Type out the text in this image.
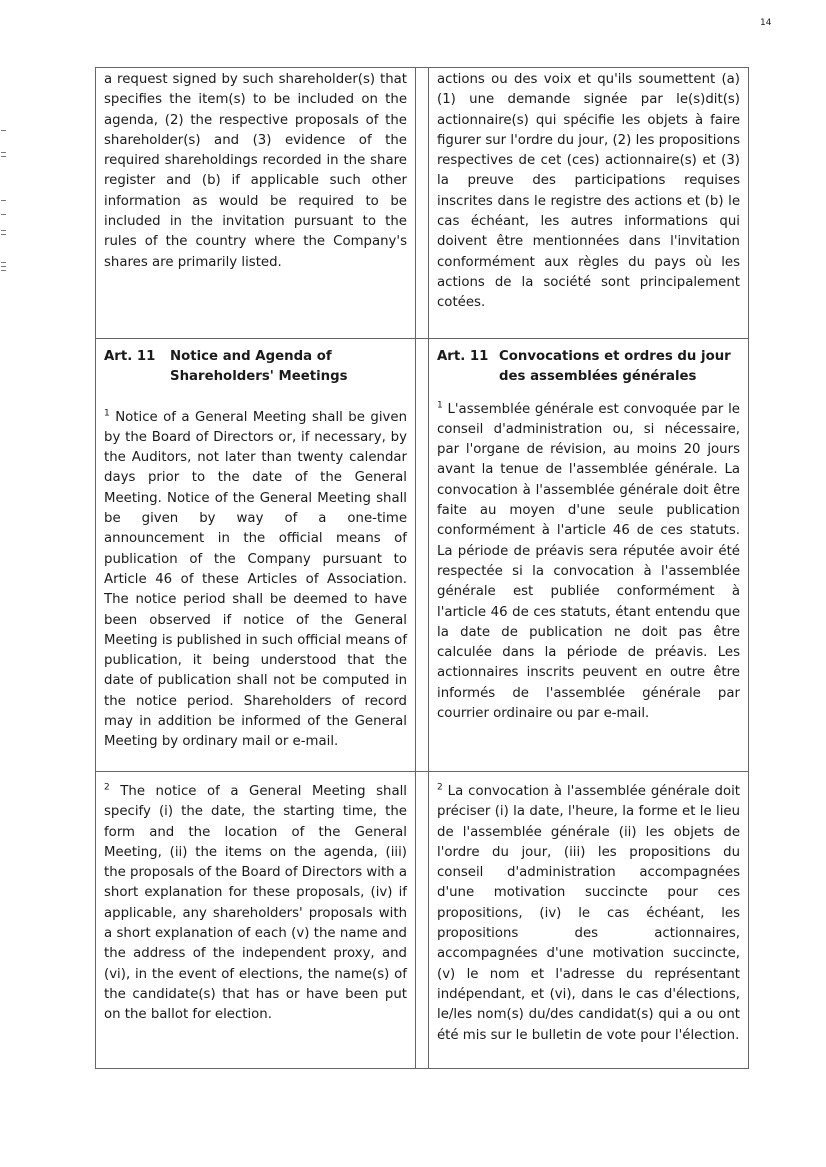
14
a request signed by such shareholder(s) that specifies the item(s) to be included on the agenda, (2) the respective proposals of the shareholder(s) and (3) evidence of the required shareholdings recorded in the share register and (b) if applicable such other information as would be required to be included in the invitation pursuant to the rules of the country where the Company's shares are primarily listed.
actions ou des voix et qu'ils soumettent (a) (1) une demande signée par le(s)dit(s) actionnaire(s) qui spécifie les objets à faire figurer sur l'ordre du jour, (2) les propositions respectives de cet (ces) actionnaire(s) et (3) la preuve des participations requises inscrites dans le registre des actions et (b) le cas échéant, les autres informations qui doivent être mentionnées dans l'invitation conformément aux règles du pays où les actions de la société sont principalement cotées.
Art. 11	Notice and Agenda of Shareholders' Meetings
$^1$ Notice of a General Meeting shall be given by the Board of Directors or, if necessary, by the Auditors, not later than twenty calendar days prior to the date of the General Meeting. Notice of the General Meeting shall be given by way of a one-time announcement in the official means of publication of the Company pursuant to Article 46 of these Articles of Association. The notice period shall be deemed to have been observed if notice of the General Meeting is published in such official means of publication, it being understood that the date of publication shall not be computed in the notice period. Shareholders of record may in addition be informed of the General Meeting by ordinary mail or e-mail.
Art. 11 Convocations et ordres du jour des assemblées générales
$^1$ L'assemblée générale est convoquée par le conseil d'administration ou, si nécessaire, par l'organe de révision, au moins 20 jours avant la tenue de l'assemblée générale. La convocation à l'assemblée générale doit être faite au moyen d'une seule publication conformément à l'article 46 de ces statuts. La période de préavis sera réputée avoir été respectée si la convocation à l'assemblée générale est publiée conformément à l'article 46 de ces statuts, étant entendu que la date de publication ne doit pas être calculée dans la période de préavis. Les actionnaires inscrits peuvent en outre être informés de l'assemblée générale par courrier ordinaire ou par e-mail.
$^2$ The notice of a General Meeting shall specify (i) the date, the starting time, the form and the location of the General Meeting, (ii) the items on the agenda, (iii) the proposals of the Board of Directors with a short explanation for these proposals, (iv) if applicable, any shareholders' proposals with a short explanation of each (v) the name and the address of the independent proxy, and (vi), in the event of elections, the name(s) of the candidate(s) that has or have been put on the ballot for election.
$^2$ La convocation à l'assemblée générale doit préciser (i) la date, l'heure, la forme et le lieu de l'assemblée générale (ii) les objets de l'ordre du jour, (iii) les propositions du conseil d'administration accompagnées d'une motivation succincte pour ces propositions, (iv) le cas échéant, les propositions des actionnaires, accompagnées d'une motivation succincte, (v) le nom et l'adresse du représentant indépendant, et (vi), dans le cas d'élections, le/les nom(s) du/des candidat(s) qui a ou ont été mis sur le bulletin de vote pour l'élection.
